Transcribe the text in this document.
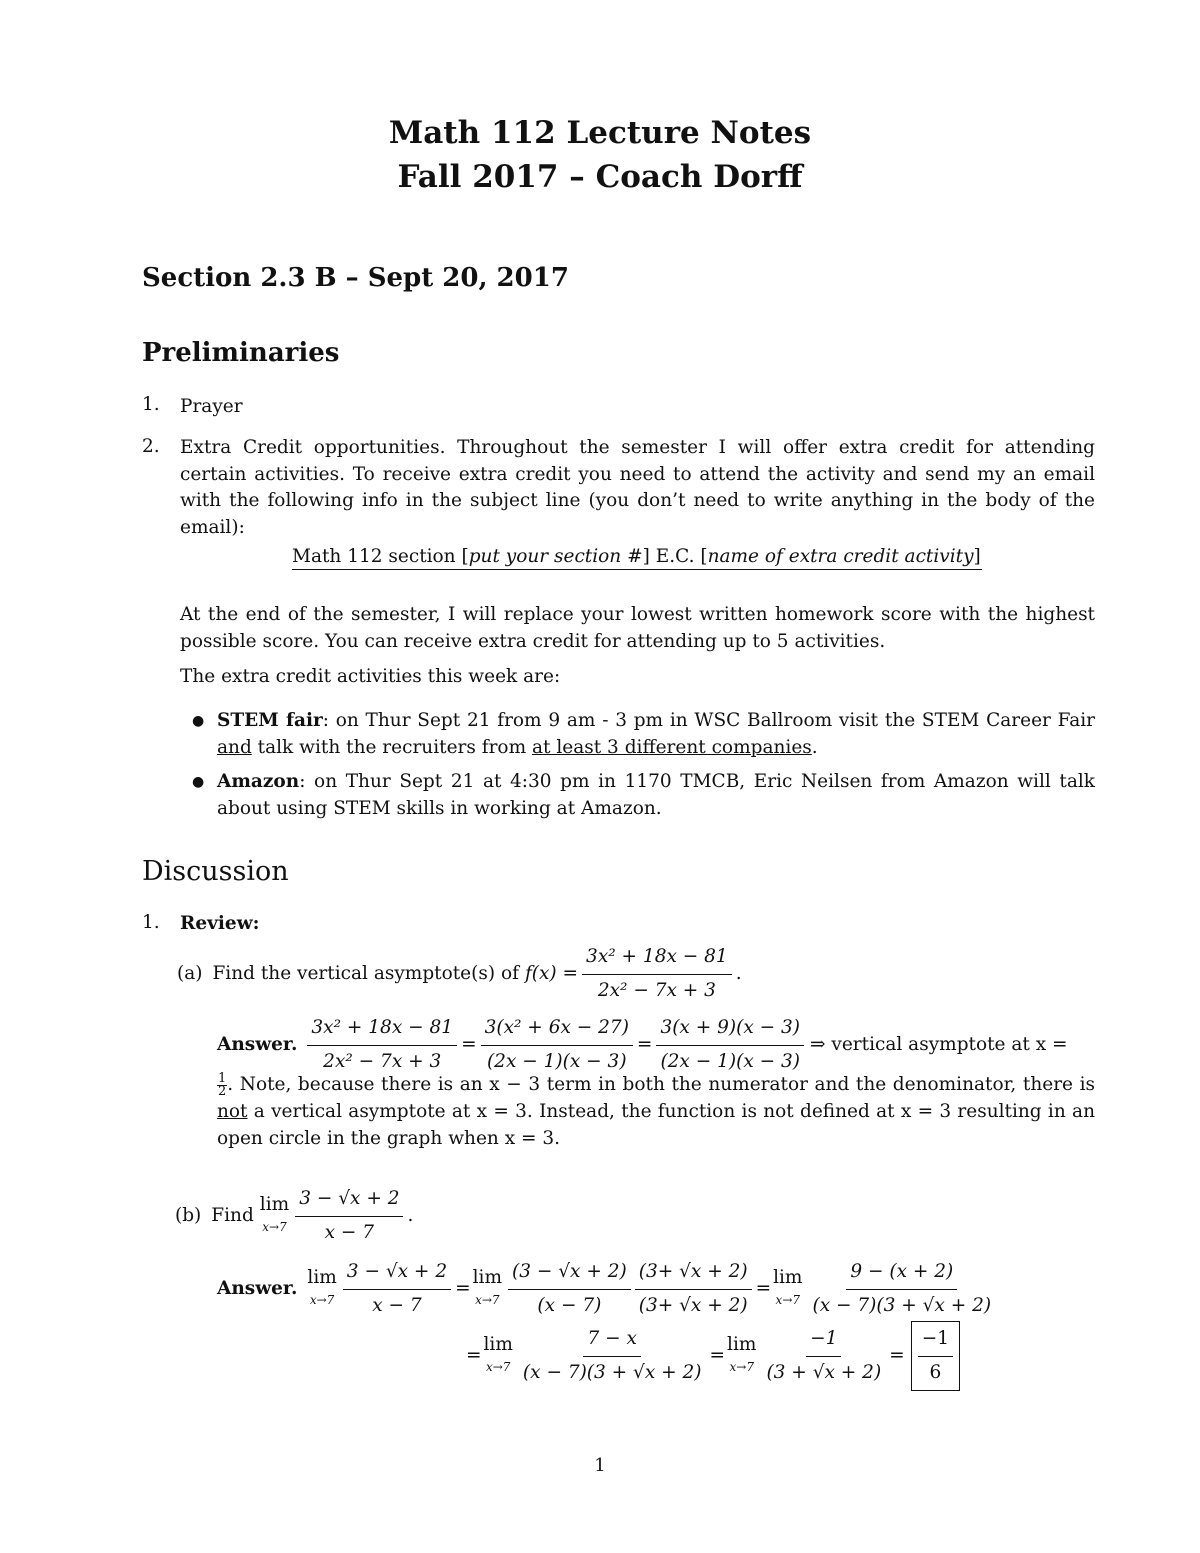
Math 112 Lecture Notes
Fall 2017 – Coach Dorff
Section 2.3 B – Sept 20, 2017
Preliminaries
1. Prayer
2. Extra Credit opportunities. Throughout the semester I will offer extra credit for attending certain activities. To receive extra credit you need to attend the activity and send my an email with the following info in the subject line (you don’t need to write anything in the body of the email):
Math 112 section [put your section #] E.C. [name of extra credit activity]
At the end of the semester, I will replace your lowest written homework score with the highest possible score. You can receive extra credit for attending up to 5 activities.
The extra credit activities this week are:
● STEM fair: on Thur Sept 21 from 9 am - 3 pm in WSC Ballroom visit the STEM Career Fair and talk with the recruiters from at least 3 different companies.
● Amazon: on Thur Sept 21 at 4:30 pm in 1170 TMCB, Eric Neilsen from Amazon will talk about using STEM skills in working at Amazon.
Discussion
1. Review:
(a) Find the vertical asymptote(s) of $f(x) = \frac{\text{3x² + 18x − 81}}{\text{2x² − 7x + 3}}$ .
Answer. $\frac{\text{3x² + 18x − 81}}{\text{2x² − 7x + 3}} = \frac{\text{3(x² + 6x − 27)}}{(2x - 1)(x - 3)} = \frac{3(x + 9)(x - 3)}{(2x - 1)(x - 3)}$ ⇒ vertical asymptote at x =
$\frac{1}{2}$ . Note, because there is an x − 3 term in both the numerator and the denominator, there is not a vertical asymptote at x = 3. Instead, the function is not defined at x = 3 resulting in an open circle in the graph when x = 3.
(b) Find
lim
$x\to 7 \frac{3 - √x + 2}{x - 7}$ .
Answer.
lim
$x\to 7 \frac{3 - √x + 2}{x - 7}$ =
lim
$x\to 7 \frac{(3 - √x + 2)}{(x - 7)} \frac{(3+ √x + 2)}{(3+ √x + 2)}$ =
lim
$x\to 7 \frac{9 - (x + 2)}{(x - 7)(3 + √x + 2)}$
=
lim
$x\to 7 \frac{7 - x}{(x - 7)(3 + √x + 2)}$ =
lim
$x\to 7 \frac{-1}{(3 + √x + 2)} = \frac{-1}{6}$
1
